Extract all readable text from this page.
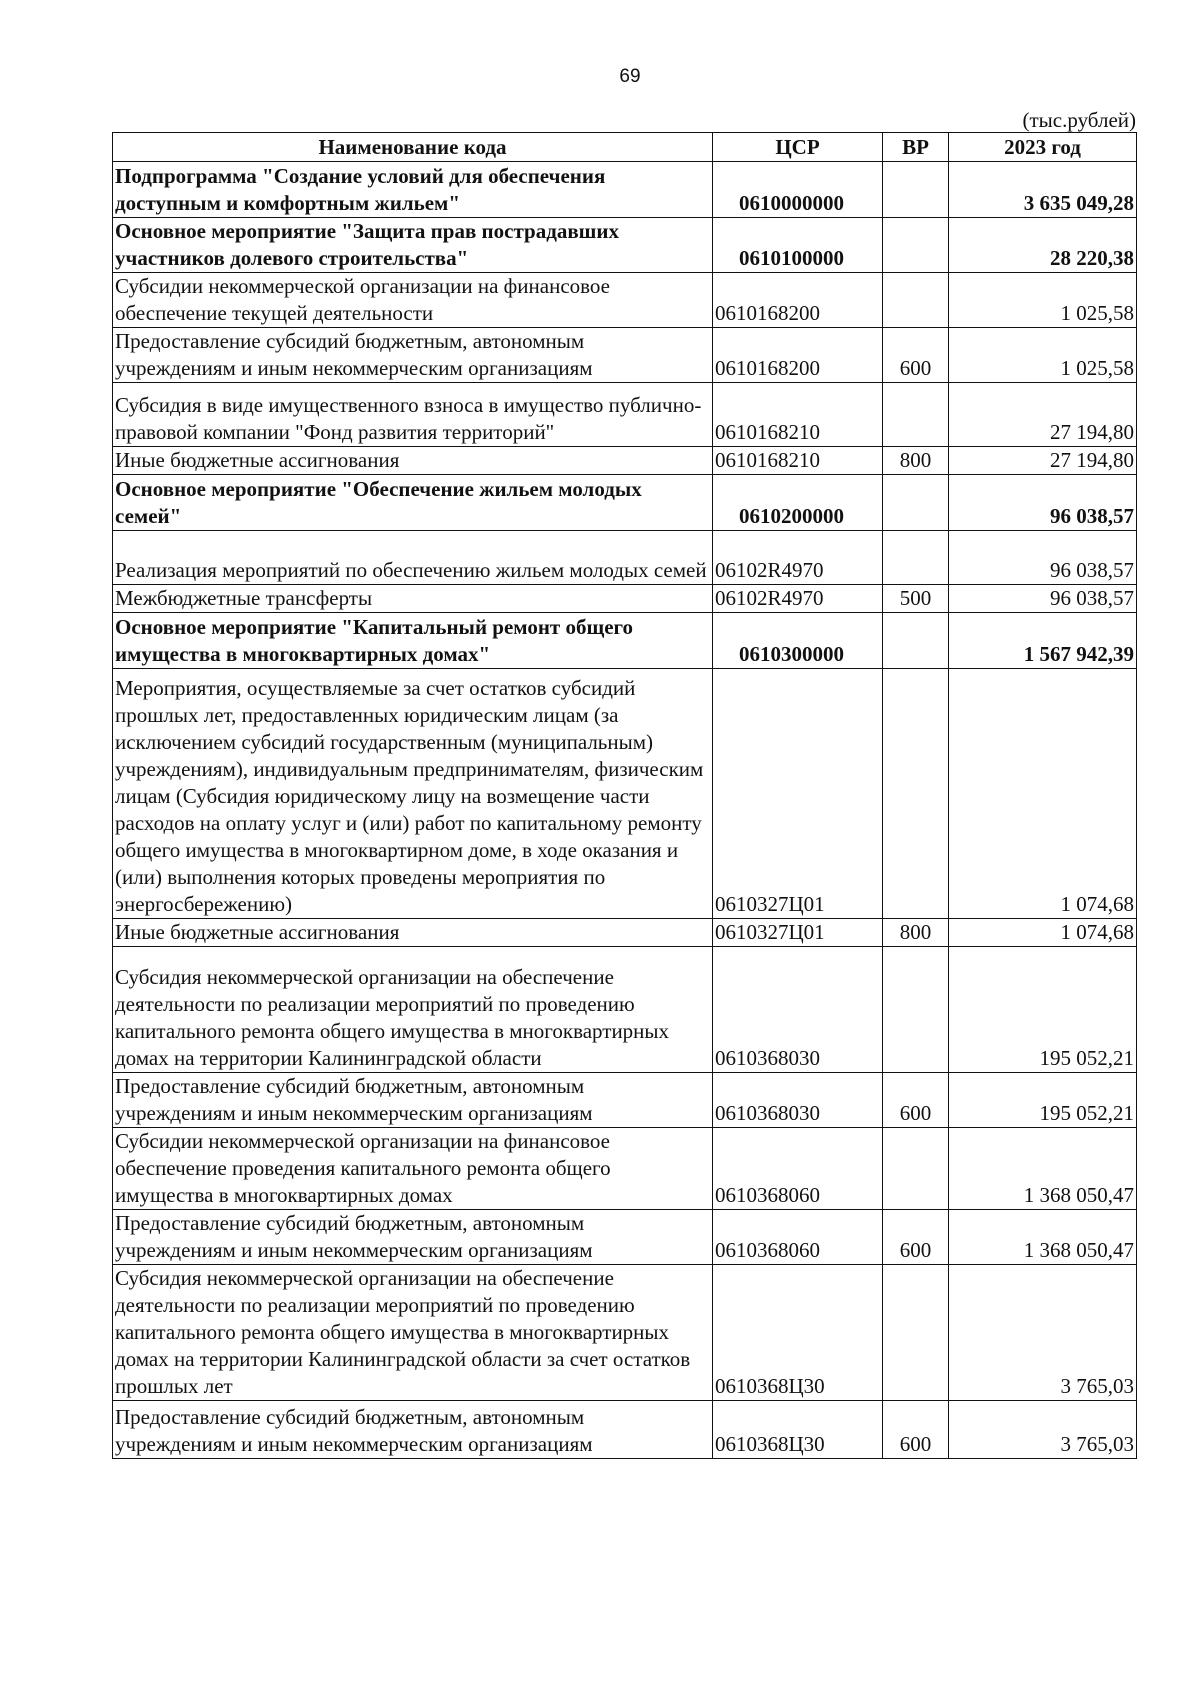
69
(тыс.рублей)
Наименование кода	ЦСР	ВР	2023 год
Подпрограмма "Создание условий для обеспечения доступным и комфортным жильем"	0610000000		3 635 049,28
Основное мероприятие "Защита прав пострадавших участников долевого строительства"	0610100000		28 220,38
Субсидии некоммерческой организации на финансовое обеспечение текущей деятельности	0610168200		1 025,58
Предоставление субсидий бюджетным, автономным учреждениям и иным некоммерческим организациям	0610168200	600	1 025,58
Субсидия в виде имущественного взноса в имущество публично-правовой компании "Фонд развития территорий"	0610168210		27 194,80
Иные бюджетные ассигнования	0610168210	800	27 194,80
Основное мероприятие "Обеспечение жильем молодых семей"	0610200000		96 038,57
Реализация мероприятий по обеспечению жильем молодых семей	06102R4970		96 038,57
Межбюджетные трансферты	06102R4970	500	96 038,57
Основное мероприятие "Капитальный ремонт общего имущества в многоквартирных домах"	0610300000		1 567 942,39
Мероприятия, осуществляемые за счет остатков субсидий прошлых лет, предоставленных юридическим лицам (за исключением субсидий государственным (муниципальным) учреждениям), индивидуальным предпринимателям, физическим лицам (Субсидия юридическому лицу на возмещение части расходов на оплату услуг и (или) работ по капитальному ремонту общего имущества в многоквартирном доме, в ходе оказания и (или) выполнения которых проведены мероприятия по энергосбережению)	0610327Ц01		1 074,68
Иные бюджетные ассигнования	0610327Ц01	800	1 074,68
Субсидия некоммерческой организации на обеспечение деятельности по реализации мероприятий по проведению капитального ремонта общего имущества в многоквартирных домах на территории Калининградской области	0610368030		195 052,21
Предоставление субсидий бюджетным, автономным учреждениям и иным некоммерческим организациям	0610368030	600	195 052,21
Субсидии некоммерческой организации на финансовое обеспечение проведения капитального ремонта общего имущества в многоквартирных домах	0610368060		1 368 050,47
Предоставление субсидий бюджетным, автономным учреждениям и иным некоммерческим организациям	0610368060	600	1 368 050,47
Субсидия некоммерческой организации на обеспечение деятельности по реализации мероприятий по проведению капитального ремонта общего имущества в многоквартирных домах на территории Калининградской области за счет остатков прошлых лет	0610368Ц30		3 765,03
Предоставление субсидий бюджетным, автономным учреждениям и иным некоммерческим организациям	0610368Ц30	600	3 765,03
